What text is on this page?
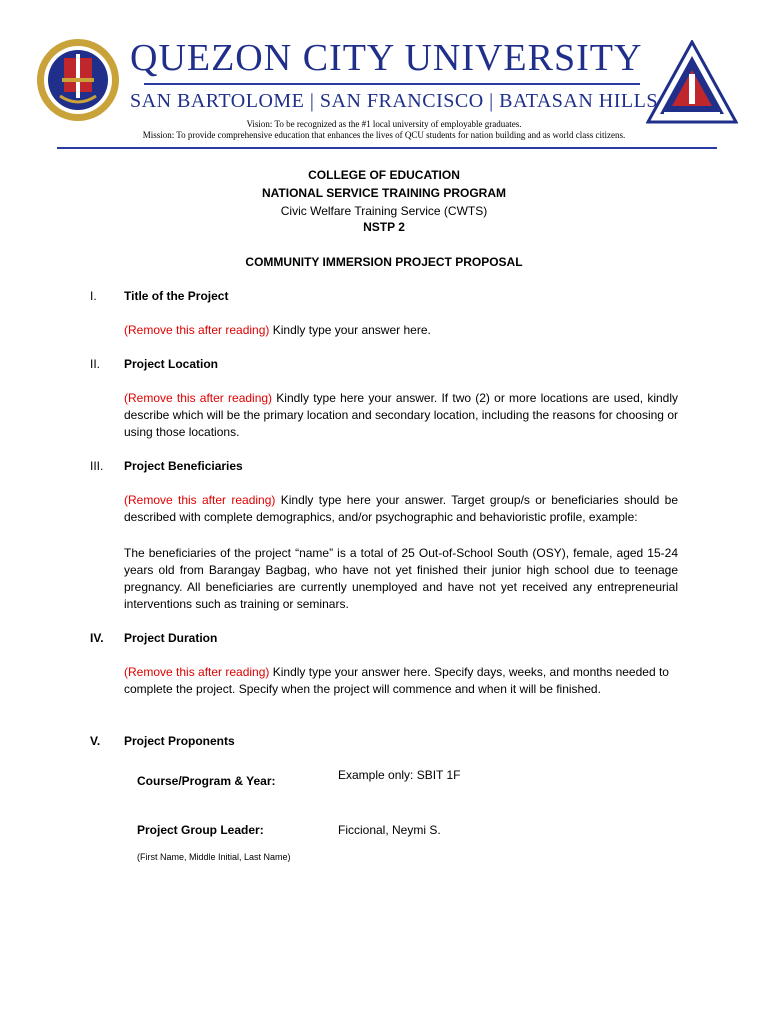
QUEZON CITY UNIVERSITY
SAN BARTOLOME | SAN FRANCISCO | BATASAN HILLS
Vision: To be recognized as the #1 local university of employable graduates.
Mission: To provide comprehensive education that enhances the lives of QCU students for nation building and as world class citizens.
COLLEGE OF EDUCATION
NATIONAL SERVICE TRAINING PROGRAM
Civic Welfare Training Service (CWTS)
NSTP 2
COMMUNITY IMMERSION PROJECT PROPOSAL
I. Title of the Project
(Remove this after reading) Kindly type your answer here.
II. Project Location
(Remove this after reading) Kindly type here your answer. If two (2) or more locations are used, kindly describe which will be the primary location and secondary location, including the reasons for choosing or using those locations.
III. Project Beneficiaries
(Remove this after reading) Kindly type here your answer. Target group/s or beneficiaries should be described with complete demographics, and/or psychographic and behavioristic profile, example:
The beneficiaries of the project “name” is a total of 25 Out-of-School South (OSY), female, aged 15-24 years old from Barangay Bagbag, who have not yet finished their junior high school due to teenage pregnancy. All beneficiaries are currently unemployed and have not yet received any entrepreneurial interventions such as training or seminars.
IV. Project Duration
(Remove this after reading) Kindly type your answer here. Specify days, weeks, and months needed to complete the project. Specify when the project will commence and when it will be finished.
V. Project Proponents
Course/Program & Year:	Example only: SBIT 1F
Project Group Leader:	Ficcional, Neymi S.
(First Name, Middle Initial, Last Name)
